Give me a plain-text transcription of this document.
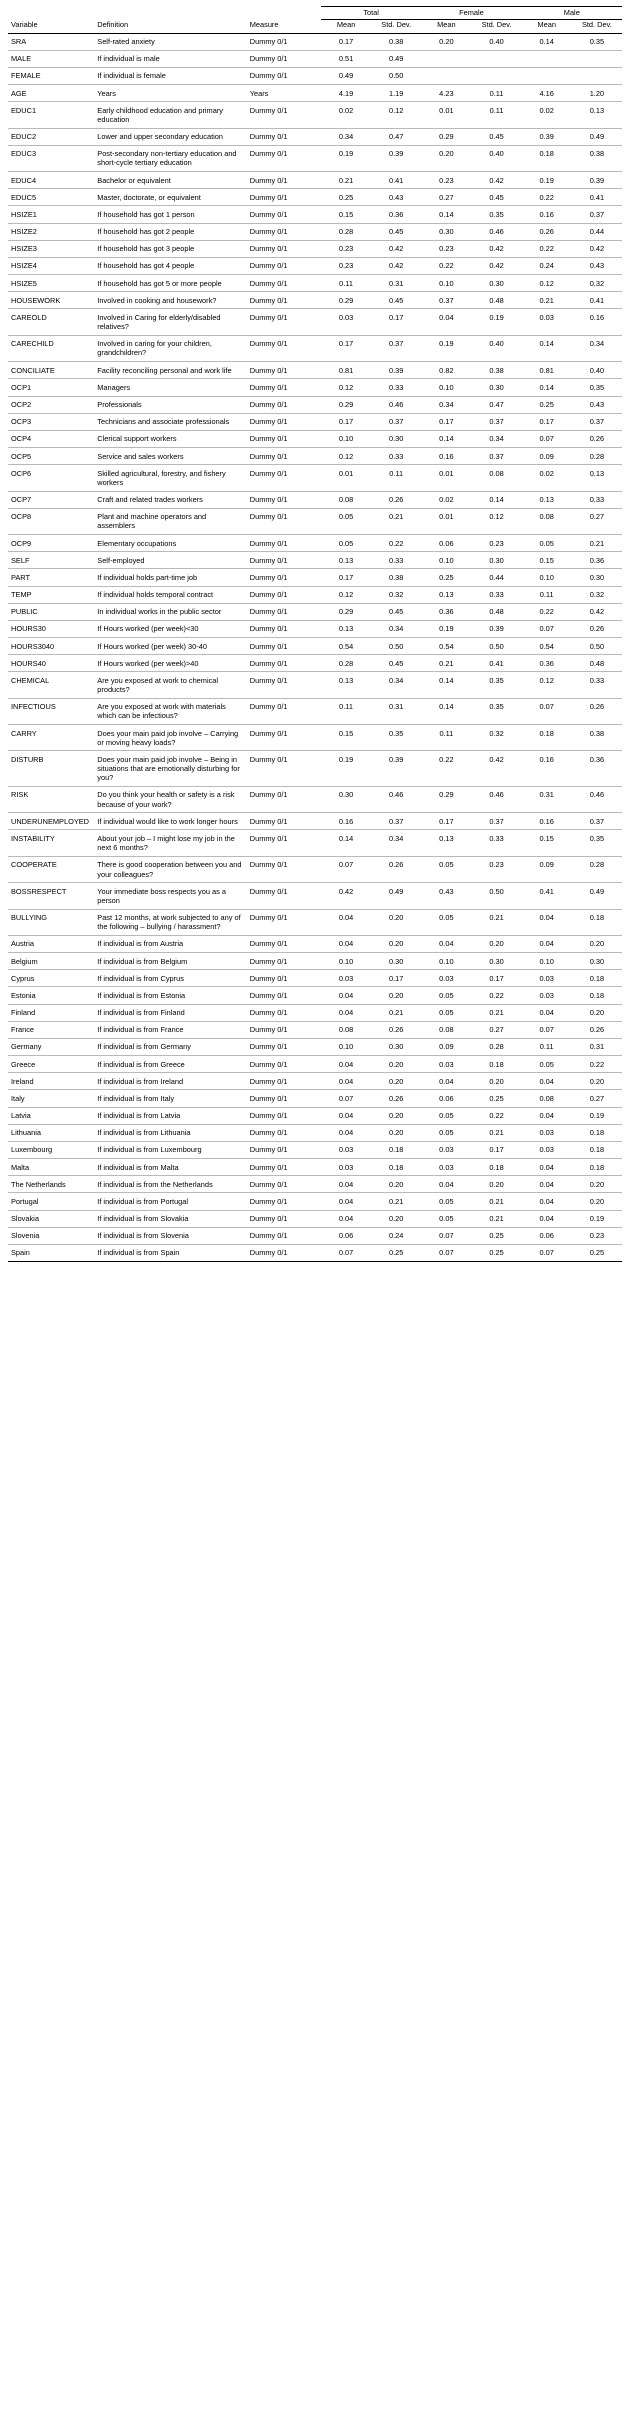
			Total		Female		Male	
Variable	Definition	Measure	Mean	Std. Dev.	Mean	Std. Dev.	Mean	Std. Dev.
SRA	Self-rated anxiety	Dummy 0/1	0.17	0.38	0.20	0.40	0.14	0.35
MALE	If individual is male	Dummy 0/1	0.51	0.49				
FEMALE	If individual is female	Dummy 0/1	0.49	0.50				
AGE	Years	Years	4.19	1.19	4.23	0.11	4.16	1.20
EDUC1	Early childhood education and primary education	Dummy 0/1	0.02	0.12	0.01	0.11	0.02	0.13
EDUC2	Lower and upper secondary education	Dummy 0/1	0.34	0.47	0.29	0.45	0.39	0.49
EDUC3	Post-secondary non-tertiary education and short-cycle tertiary education	Dummy 0/1	0.19	0.39	0.20	0.40	0.18	0.38
EDUC4	Bachelor or equivalent	Dummy 0/1	0.21	0.41	0.23	0.42	0.19	0.39
EDUC5	Master, doctorate, or equivalent	Dummy 0/1	0.25	0.43	0.27	0.45	0.22	0.41
HSIZE1	If household has got 1 person	Dummy 0/1	0.15	0.36	0.14	0.35	0.16	0.37
HSIZE2	If household has got 2 people	Dummy 0/1	0.28	0.45	0.30	0.46	0.26	0.44
HSIZE3	If household has got 3 people	Dummy 0/1	0.23	0.42	0.23	0.42	0.22	0.42
HSIZE4	If household has got 4 people	Dummy 0/1	0.23	0.42	0.22	0.42	0.24	0.43
HSIZE5	If household has got 5 or more people	Dummy 0/1	0.11	0.31	0.10	0.30	0.12	0.32
HOUSEWORK	Involved in cooking and housework?	Dummy 0/1	0.29	0.45	0.37	0.48	0.21	0.41
CAREOLD	Involved in Caring for elderly/disabled relatives?	Dummy 0/1	0.03	0.17	0.04	0.19	0.03	0.16
CARECHILD	Involved in caring for your children, grandchildren?	Dummy 0/1	0.17	0.37	0.19	0.40	0.14	0.34
CONCILIATE	Facility reconciling personal and work life	Dummy 0/1	0.81	0.39	0.82	0.38	0.81	0.40
OCP1	Managers	Dummy 0/1	0.12	0.33	0.10	0.30	0.14	0.35
OCP2	Professionals	Dummy 0/1	0.29	0.46	0.34	0.47	0.25	0.43
OCP3	Technicians and associate professionals	Dummy 0/1	0.17	0.37	0.17	0.37	0.17	0.37
OCP4	Clerical support workers	Dummy 0/1	0.10	0.30	0.14	0.34	0.07	0.26
OCP5	Service and sales workers	Dummy 0/1	0.12	0.33	0.16	0.37	0.09	0.28
OCP6	Skilled agricultural, forestry, and fishery workers	Dummy 0/1	0.01	0.11	0.01	0.08	0.02	0.13
OCP7	Craft and related trades workers	Dummy 0/1	0.08	0.26	0.02	0.14	0.13	0.33
OCP8	Plant and machine operators and assemblers	Dummy 0/1	0.05	0.21	0.01	0.12	0.08	0.27
OCP9	Elementary occupations	Dummy 0/1	0.05	0.22	0.06	0.23	0.05	0.21
SELF	Self-employed	Dummy 0/1	0.13	0.33	0.10	0.30	0.15	0.36
PART	If individual holds part-time job	Dummy 0/1	0.17	0.38	0.25	0.44	0.10	0.30
TEMP	If individual holds temporal contract	Dummy 0/1	0.12	0.32	0.13	0.33	0.11	0.32
PUBLIC	In individual works in the public sector	Dummy 0/1	0.29	0.45	0.36	0.48	0.22	0.42
HOURS30	If Hours worked (per week)<30	Dummy 0/1	0.13	0.34	0.19	0.39	0.07	0.26
HOURS3040	If Hours worked (per week) 30-40	Dummy 0/1	0.54	0.50	0.54	0.50	0.54	0.50
HOURS40	If Hours worked (per week)>40	Dummy 0/1	0.28	0.45	0.21	0.41	0.36	0.48
CHEMICAL	Are you exposed at work to chemical products?	Dummy 0/1	0.13	0.34	0.14	0.35	0.12	0.33
INFECTIOUS	Are you exposed at work with materials which can be infectious?	Dummy 0/1	0.11	0.31	0.14	0.35	0.07	0.26
CARRY	Does your main paid job involve – Carrying or moving heavy loads?	Dummy 0/1	0.15	0.35	0.11	0.32	0.18	0.38
DISTURB	Does your main paid job involve – Being in situations that are emotionally disturbing for you?	Dummy 0/1	0.19	0.39	0.22	0.42	0.16	0.36
RISK	Do you think your health or safety is a risk because of your work?	Dummy 0/1	0.30	0.46	0.29	0.46	0.31	0.46
UNDERUNEMPLOYED	If individual would like to work longer hours	Dummy 0/1	0.16	0.37	0.17	0.37	0.16	0.37
INSTABILITY	About your job – I might lose my job in the next 6 months?	Dummy 0/1	0.14	0.34	0.13	0.33	0.15	0.35
COOPERATE	There is good cooperation between you and your colleagues?	Dummy 0/1	0.07	0.26	0.05	0.23	0.09	0.28
BOSSRESPECT	Your immediate boss respects you as a person	Dummy 0/1	0.42	0.49	0.43	0.50	0.41	0.49
BULLYING	Past 12 months, at work subjected to any of the following – bullying / harassment?	Dummy 0/1	0.04	0.20	0.05	0.21	0.04	0.18
Austria	If individual is from Austria	Dummy 0/1	0.04	0.20	0.04	0.20	0.04	0.20
Belgium	If individual is from Belgium	Dummy 0/1	0.10	0.30	0.10	0.30	0.10	0.30
Cyprus	If individual is from Cyprus	Dummy 0/1	0.03	0.17	0.03	0.17	0.03	0.18
Estonia	If individual is from Estonia	Dummy 0/1	0.04	0.20	0.05	0.22	0.03	0.18
Finland	If individual is from Finland	Dummy 0/1	0.04	0.21	0.05	0.21	0.04	0.20
France	If individual is from France	Dummy 0/1	0.08	0.26	0.08	0.27	0.07	0.26
Germany	If individual is from Germany	Dummy 0/1	0.10	0.30	0.09	0.28	0.11	0.31
Greece	If individual is from Greece	Dummy 0/1	0.04	0.20	0.03	0.18	0.05	0.22
Ireland	If individual is from Ireland	Dummy 0/1	0.04	0.20	0.04	0.20	0.04	0.20
Italy	If individual is from Italy	Dummy 0/1	0.07	0.26	0.06	0.25	0.08	0.27
Latvia	If individual is from Latvia	Dummy 0/1	0.04	0.20	0.05	0.22	0.04	0.19
Lithuania	If individual is from Lithuania	Dummy 0/1	0.04	0.20	0.05	0.21	0.03	0.18
Luxembourg	If individual is from Luxembourg	Dummy 0/1	0.03	0.18	0.03	0.17	0.03	0.18
Malta	If individual is from Malta	Dummy 0/1	0.03	0.18	0.03	0.18	0.04	0.18
The Netherlands	If individual is from the Netherlands	Dummy 0/1	0.04	0.20	0.04	0.20	0.04	0.20
Portugal	If individual is from Portugal	Dummy 0/1	0.04	0.21	0.05	0.21	0.04	0.20
Slovakia	If individual is from Slovakia	Dummy 0/1	0.04	0.20	0.05	0.21	0.04	0.19
Slovenia	If individual is from Slovenia	Dummy 0/1	0.06	0.24	0.07	0.25	0.06	0.23
Spain	If individual is from Spain	Dummy 0/1	0.07	0.25	0.07	0.25	0.07	0.25
